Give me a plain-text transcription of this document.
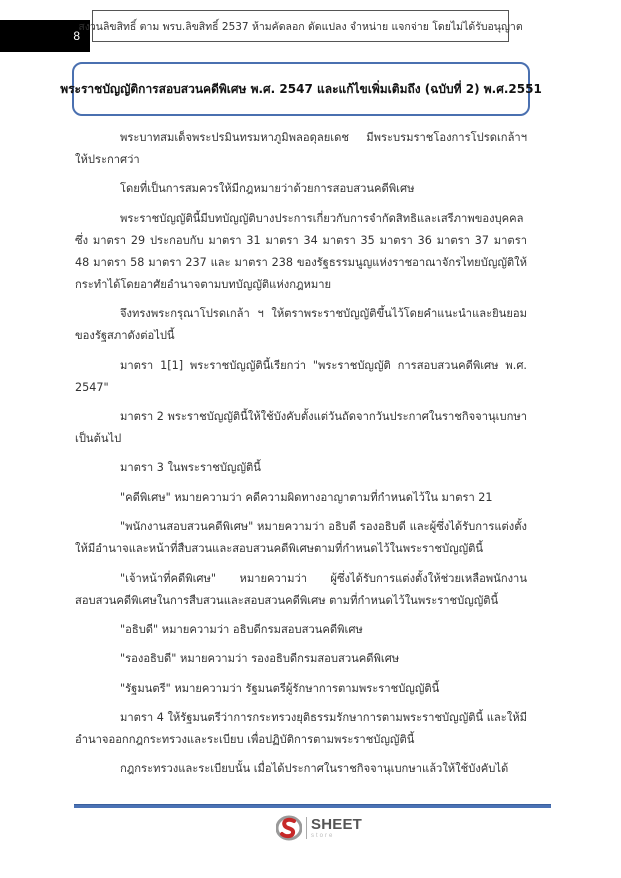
8
สงวนลิขสิทธิ์ ตาม พรบ.ลิขสิทธิ์ 2537 ห้ามคัดลอก ดัดแปลง จำหน่าย แจกจ่าย โดยไม่ได้รับอนุญาต
พระราชบัญญัติการสอบสวนคดีพิเศษ พ.ศ. 2547 และแก้ไขเพิ่มเติมถึง (ฉบับที่ 2) พ.ศ.2551

พระบาทสมเด็จพระปรมินทรมหาภูมิพลอดุลยเดช มีพระบรมราชโองการโปรดเกล้าฯ ให้ประกาศว่า

โดยที่เป็นการสมควรให้มีกฎหมายว่าด้วยการสอบสวนคดีพิเศษ

พระราชบัญญัตินี้มีบทบัญญัติบางประการเกี่ยวกับการจำกัดสิทธิและเสรีภาพของบุคคลซึ่ง มาตรา 29 ประกอบกับ มาตรา 31 มาตรา 34 มาตรา 35 มาตรา 36 มาตรา 37 มาตรา 48 มาตรา 58 มาตรา 237 และ มาตรา 238 ของรัฐธรรมนูญแห่งราชอาณาจักรไทยบัญญัติให้กระทำได้โดยอาศัยอำนาจตามบทบัญญัติแห่งกฎหมาย

จึงทรงพระกรุณาโปรดเกล้า ฯ ให้ตราพระราชบัญญัติขึ้นไว้โดยคำแนะนำและยินยอมของรัฐสภาดังต่อไปนี้

มาตรา 1[1] พระราชบัญญัตินี้เรียกว่า "พระราชบัญญัติ การสอบสวนคดีพิเศษ พ.ศ. 2547"

มาตรา 2 พระราชบัญญัตินี้ให้ใช้บังคับตั้งแต่วันถัดจากวันประกาศในราชกิจจานุเบกษา เป็นต้นไป

มาตรา 3 ในพระราชบัญญัตินี้

"คดีพิเศษ" หมายความว่า คดีความผิดทางอาญาตามที่กำหนดไว้ใน มาตรา 21

"พนักงานสอบสวนคดีพิเศษ" หมายความว่า อธิบดี รองอธิบดี และผู้ซึ่งได้รับการแต่งตั้งให้มีอำนาจและหน้าที่สืบสวนและสอบสวนคดีพิเศษตามที่กำหนดไว้ในพระราชบัญญัตินี้

"เจ้าหน้าที่คดีพิเศษ" หมายความว่า ผู้ซึ่งได้รับการแต่งตั้งให้ช่วยเหลือพนักงานสอบสวนคดีพิเศษในการสืบสวนและสอบสวนคดีพิเศษ ตามที่กำหนดไว้ในพระราชบัญญัตินี้

"อธิบดี" หมายความว่า อธิบดีกรมสอบสวนคดีพิเศษ

"รองอธิบดี" หมายความว่า รองอธิบดีกรมสอบสวนคดีพิเศษ

"รัฐมนตรี" หมายความว่า รัฐมนตรีผู้รักษาการตามพระราชบัญญัตินี้

มาตรา 4 ให้รัฐมนตรีว่าการกระทรวงยุติธรรมรักษาการตามพระราชบัญญัตินี้ และให้มีอำนาจออกกฎกระทรวงและระเบียบ เพื่อปฏิบัติการตามพระราชบัญญัตินี้

กฎกระทรวงและระเบียบนั้น เมื่อได้ประกาศในราชกิจจานุเบกษาแล้วให้ใช้บังคับได้

SHEET
store
